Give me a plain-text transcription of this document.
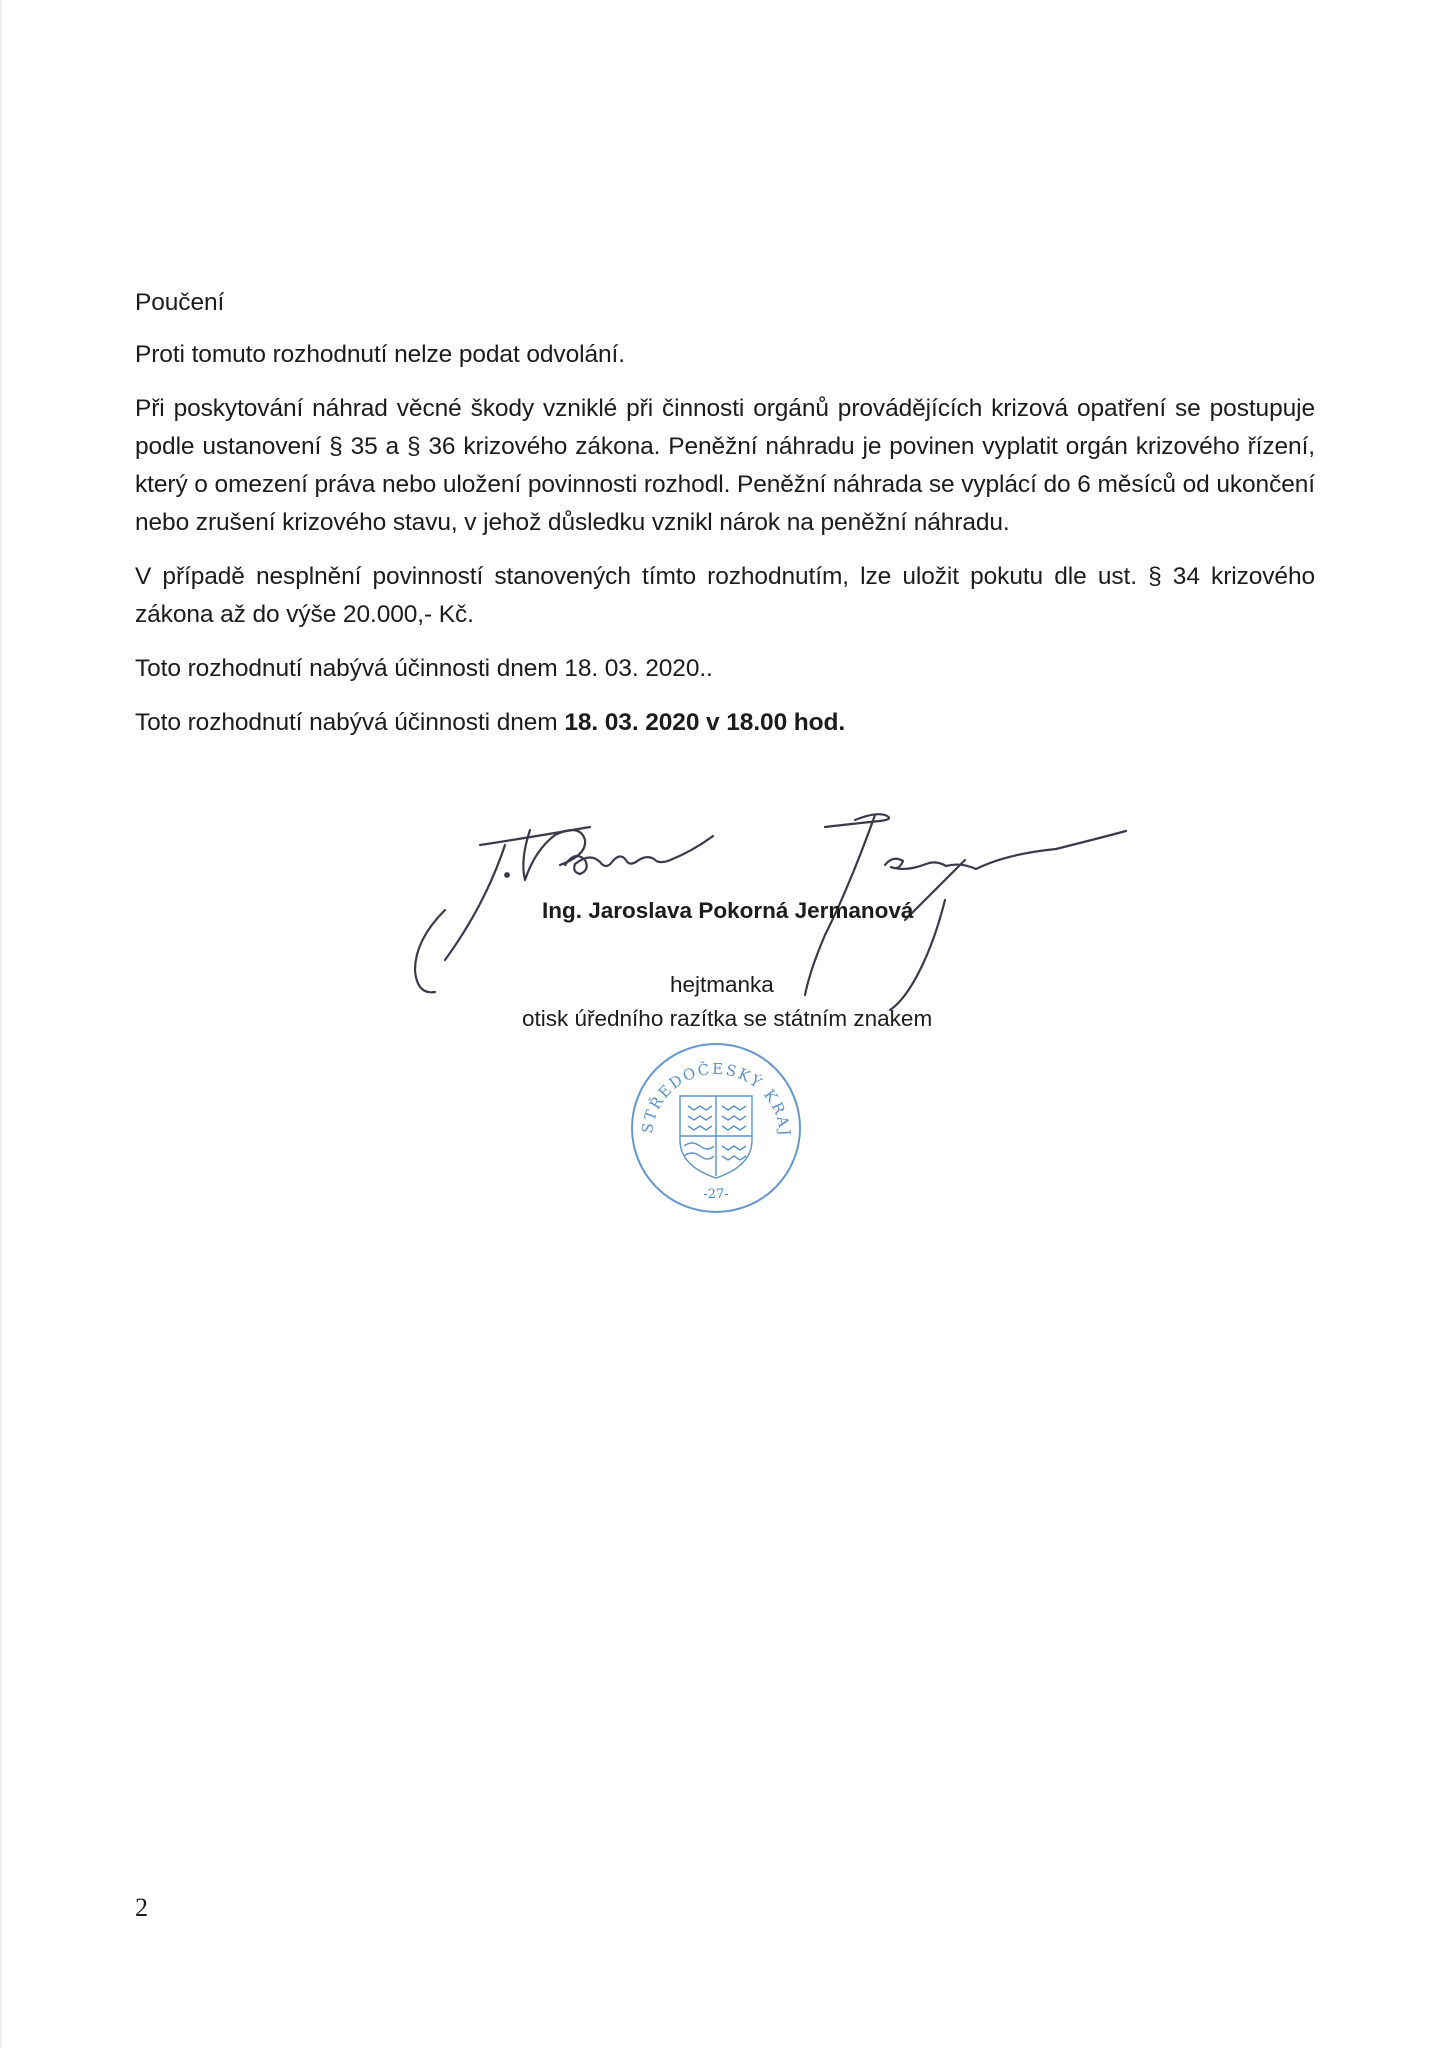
Poučení

Proti tomuto rozhodnutí nelze podat odvolání.

Při poskytování náhrad věcné škody vzniklé při činnosti orgánů provádějících krizová opatření se postupuje podle ustanovení § 35 a § 36 krizového zákona. Peněžní náhradu je povinen vyplatit orgán krizového řízení, který o omezení práva nebo uložení povinnosti rozhodl. Peněžní náhrada se vyplácí do 6 měsíců od ukončení nebo zrušení krizového stavu, v jehož důsledku vznikl nárok na peněžní náhradu.

V případě nesplnění povinností stanovených tímto rozhodnutím, lze uložit pokutu dle ust. § 34 krizového zákona až do výše 20.000,- Kč.

Toto rozhodnutí nabývá účinnosti dnem 18. 03. 2020..

Toto rozhodnutí nabývá účinnosti dnem 18. 03. 2020 v 18.00 hod.

Ing. Jaroslava Pokorná Jermanová
hejtmanka
otisk úředního razítka se státním znakem
STŘEDOČESKÝ KRAJ
-27-
2
